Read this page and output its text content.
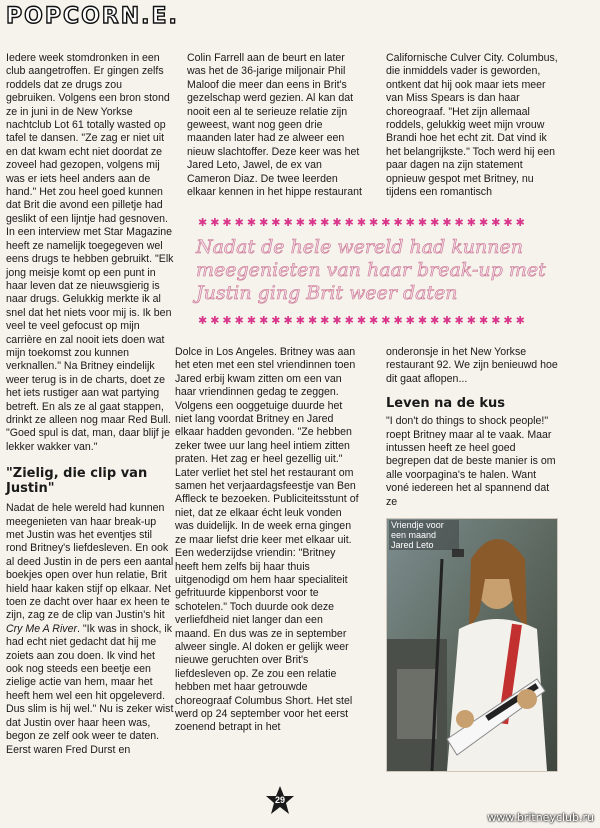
POPCORN.E.

Iedere week stomdronken in een club aangetroffen. Er gingen zelfs roddels dat ze drugs zou gebruiken. Volgens een bron stond ze in juni in de New Yorkse nachtclub Lot 61 totally wasted op tafel te dansen. "Ze zag er niet uit en dat kwam echt niet doordat ze zoveel had gezopen, volgens mij was er iets heel anders aan de hand." Het zou heel goed kunnen dat Brit die avond een pilletje had geslikt of een lijntje had gesnoven. In een interview met Star Magazine heeft ze namelijk toegegeven wel eens drugs te hebben gebruikt. "Elk jong meisje komt op een punt in haar leven dat ze nieuwsgierig is naar drugs. Gelukkig merkte ik al snel dat het niets voor mij is. Ik ben veel te veel gefocust op mijn carrière en zal nooit iets doen wat mijn toekomst zou kunnen verknallen." Na Britney eindelijk weer terug is in de charts, doet ze het iets rustiger aan wat partying betreft. En als ze al gaat stappen, drinkt ze alleen nog maar Red Bull. "Goed spul is dat, man, daar blijf je lekker wakker van."

"Zielig, die clip van Justin"

Nadat de hele wereld had kunnen meegenieten van haar break-up met Justin was het eventjes stil rond Britney's liefdesleven. En ook al deed Justin in de pers een aantal boekjes open over hun relatie, Brit hield haar kaken stijf op elkaar. Net toen ze dacht over haar ex heen te zijn, zag ze de clip van Justin's hit Cry Me A River. "Ik was in shock, ik had echt niet gedacht dat hij me zoiets aan zou doen. Ik vind het ook nog steeds een beetje een zielige actie van hem, maar het heeft hem wel een hit opgeleverd. Dus slim is hij wel." Nu is zeker wist dat Justin over haar heen was, begon ze zelf ook weer te daten. Eerst waren Fred Durst en

Colin Farrell aan de beurt en later was het de 36-jarige miljonair Phil Maloof die meer dan eens in Brit's gezelschap werd gezien. Al kan dat nooit een al te serieuze relatie zijn geweest, want nog geen drie maanden later had ze alweer een nieuw slachtoffer. Deze keer was het Jared Leto, Jawel, de ex van Cameron Diaz. De twee leerden elkaar kennen in het hippe restaurant

Californische Culver City. Columbus, die inmiddels vader is geworden, ontkent dat hij ook maar iets meer van Miss Spears is dan haar choreograaf. "Het zijn allemaal roddels, gelukkig weet mijn vrouw Brandi hoe het echt zit. Dat vind ik het belangrijkste." Toch werd hij een paar dagen na zijn statement opnieuw gespot met Britney, nu tijdens een romantisch

✱✱✱✱✱✱✱✱✱✱✱✱✱✱✱✱✱✱✱✱✱✱✱✱✱✱✱
Nadat de hele wereld had kunnen meegenieten van haar break-up met Justin ging Brit weer daten
✱✱✱✱✱✱✱✱✱✱✱✱✱✱✱✱✱✱✱✱✱✱✱✱✱✱✱

Dolce in Los Angeles. Britney was aan het eten met een stel vriendinnen toen Jared erbij kwam zitten om een van haar vriendinnen gedag te zeggen. Volgens een ooggetuige duurde het niet lang voordat Britney en Jared elkaar hadden gevonden. "Ze hebben zeker twee uur lang heel intiem zitten praten. Het zag er heel gezellig uit." Later verliet het stel het restaurant om samen het verjaardagsfeestje van Ben Affleck te bezoeken. Publiciteitsstunt of niet, dat ze elkaar écht leuk vonden was duidelijk. In de week erna gingen ze maar liefst drie keer met elkaar uit. Een wederzijdse vriendin: "Britney heeft hem zelfs bij haar thuis uitgenodigd om hem haar specialiteit gefrituurde kippenborst voor te schotelen." Toch duurde ook deze verliefdheid niet langer dan een maand. En dus was ze in september alweer single. Al doken er gelijk weer nieuwe geruchten over Brit's liefdesleven op. Ze zou een relatie hebben met haar getrouwde choreograaf Columbus Short. Het stel werd op 24 september voor het eerst zoenend betrapt in het

onderonsje in het New Yorkse restaurant 92. We zijn benieuwd hoe dit gaat aflopen...

Leven na de kus

"I don't do things to shock people!" roept Britney maar al te vaak. Maar intussen heeft ze heel goed begrepen dat de beste manier is om alle voorpagina's te halen. Want voné iedereen het al spannend dat ze

Vriendje voor
een maand
Jared Leto
29
www.britneyclub.ru
